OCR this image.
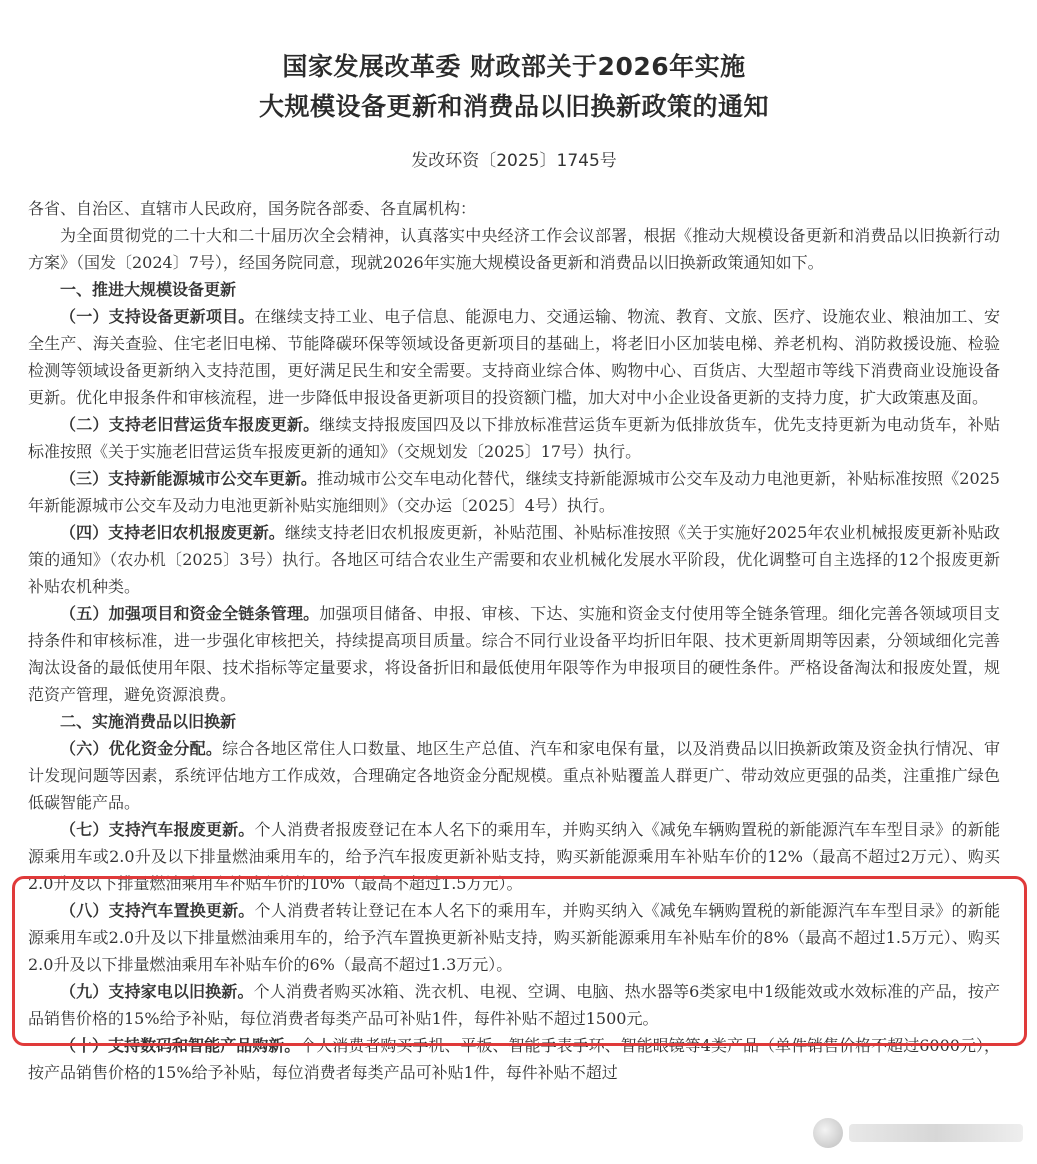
国家发展改革委 财政部关于2026年实施
大规模设备更新和消费品以旧换新政策的通知
发改环资〔2025〕1745号

各省、自治区、直辖市人民政府，国务院各部委、各直属机构：

为全面贯彻党的二十大和二十届历次全会精神，认真落实中央经济工作会议部署，根据《推动大规模设备更新和消费品以旧换新行动方案》（国发〔2024〕7号），经国务院同意，现就2026年实施大规模设备更新和消费品以旧换新政策通知如下。

一、推进大规模设备更新

（一）支持设备更新项目。在继续支持工业、电子信息、能源电力、交通运输、物流、教育、文旅、医疗、设施农业、粮油加工、安全生产、海关查验、住宅老旧电梯、节能降碳环保等领域设备更新项目的基础上，将老旧小区加装电梯、养老机构、消防救援设施、检验检测等领域设备更新纳入支持范围，更好满足民生和安全需要。支持商业综合体、购物中心、百货店、大型超市等线下消费商业设施设备更新。优化申报条件和审核流程，进一步降低申报设备更新项目的投资额门槛，加大对中小企业设备更新的支持力度，扩大政策惠及面。

（二）支持老旧营运货车报废更新。继续支持报废国四及以下排放标准营运货车更新为低排放货车，优先支持更新为电动货车，补贴标准按照《关于实施老旧营运货车报废更新的通知》（交规划发〔2025〕17号）执行。

（三）支持新能源城市公交车更新。推动城市公交车电动化替代，继续支持新能源城市公交车及动力电池更新，补贴标准按照《2025年新能源城市公交车及动力电池更新补贴实施细则》（交办运〔2025〕4号）执行。

（四）支持老旧农机报废更新。继续支持老旧农机报废更新，补贴范围、补贴标准按照《关于实施好2025年农业机械报废更新补贴政策的通知》（农办机〔2025〕3号）执行。各地区可结合农业生产需要和农业机械化发展水平阶段，优化调整可自主选择的12个报废更新补贴农机种类。

（五）加强项目和资金全链条管理。加强项目储备、申报、审核、下达、实施和资金支付使用等全链条管理。细化完善各领域项目支持条件和审核标准，进一步强化审核把关，持续提高项目质量。综合不同行业设备平均折旧年限、技术更新周期等因素，分领域细化完善淘汰设备的最低使用年限、技术指标等定量要求，将设备折旧和最低使用年限等作为申报项目的硬性条件。严格设备淘汰和报废处置，规范资产管理，避免资源浪费。

二、实施消费品以旧换新

（六）优化资金分配。综合各地区常住人口数量、地区生产总值、汽车和家电保有量，以及消费品以旧换新政策及资金执行情况、审计发现问题等因素，系统评估地方工作成效，合理确定各地资金分配规模。重点补贴覆盖人群更广、带动效应更强的品类，注重推广绿色低碳智能产品。

（七）支持汽车报废更新。个人消费者报废登记在本人名下的乘用车，并购买纳入《减免车辆购置税的新能源汽车车型目录》的新能源乘用车或2.0升及以下排量燃油乘用车的，给予汽车报废更新补贴支持，购买新能源乘用车补贴车价的12%（最高不超过2万元）、购买2.0升及以下排量燃油乘用车补贴车价的10%（最高不超过1.5万元）。

（八）支持汽车置换更新。个人消费者转让登记在本人名下的乘用车，并购买纳入《减免车辆购置税的新能源汽车车型目录》的新能源乘用车或2.0升及以下排量燃油乘用车的，给予汽车置换更新补贴支持，购买新能源乘用车补贴车价的8%（最高不超过1.5万元）、购买2.0升及以下排量燃油乘用车补贴车价的6%（最高不超过1.3万元）。

（九）支持家电以旧换新。个人消费者购买冰箱、洗衣机、电视、空调、电脑、热水器等6类家电中1级能效或水效标准的产品，按产品销售价格的15%给予补贴，每位消费者每类产品可补贴1件，每件补贴不超过1500元。

（十）支持数码和智能产品购新。个人消费者购买手机、平板、智能手表手环、智能眼镜等4类产品（单件销售价格不超过6000元），按产品销售价格的15%给予补贴，每位消费者每类产品可补贴1件，每件补贴不超过
